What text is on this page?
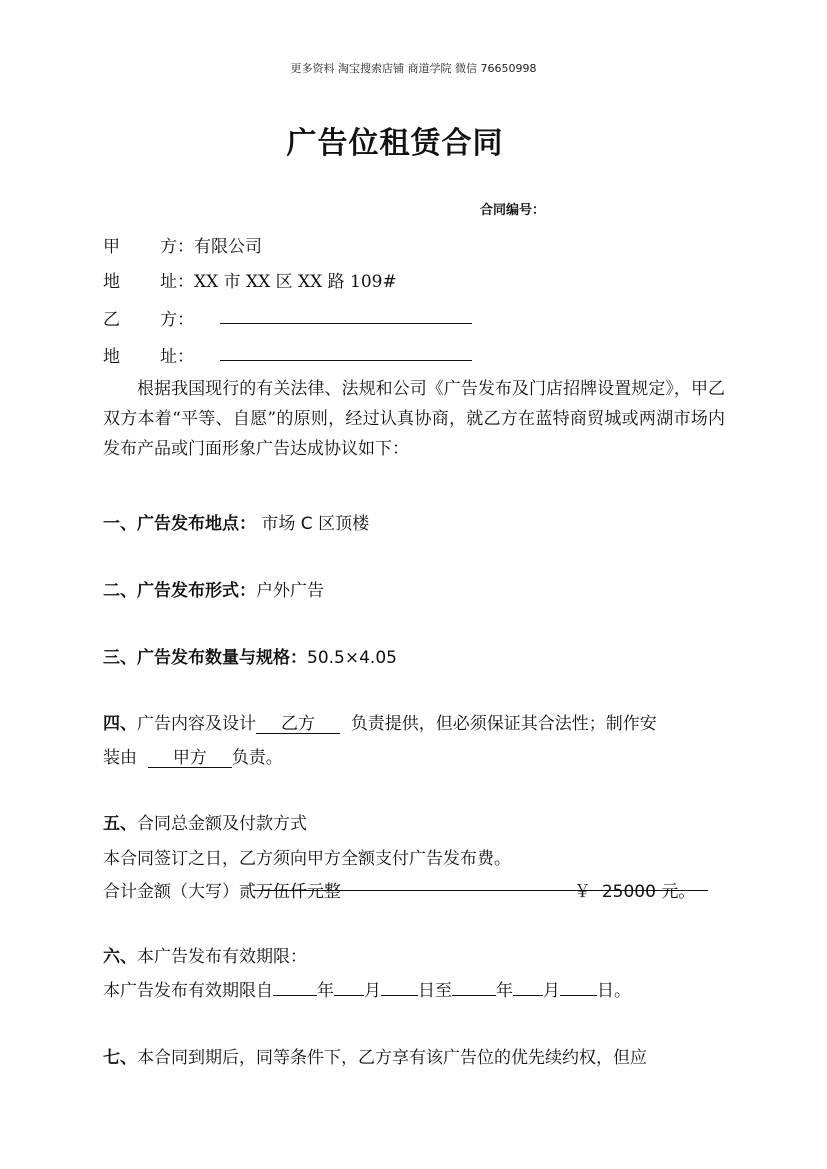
更多资料 淘宝搜索店铺 商道学院 微信 76650998
广告位租赁合同
合同编号：
甲 方：有限公司
地 址：XX 市 XX 区 XX 路 109#
乙 方：
地 址：
根据我国现行的有关法律、法规和公司《广告发布及门店招牌设置规定》，甲乙双方本着“平等、自愿”的原则，经过认真协商，就乙方在蓝特商贸城或两湖市场内发布产品或门面形象广告达成协议如下：
一、广告发布地点： 市场 C 区顶楼
二、广告发布形式：户外广告
三、广告发布数量与规格：50.5×4.05
四、广告内容及设计 乙方 负责提供，但必须保证其合法性；制作安
装由 甲方 负责。
五、合同总金额及付款方式
本合同签订之日，乙方须向甲方全额支付广告发布费。
合计金额（大写）贰万伍仟元整	￥ 25000 元。
六、本广告发布有效期限：
本广告发布有效期限自	年 月 日至	年 月 日。
七、本合同到期后，同等条件下，乙方享有该广告位的优先续约权，但应
